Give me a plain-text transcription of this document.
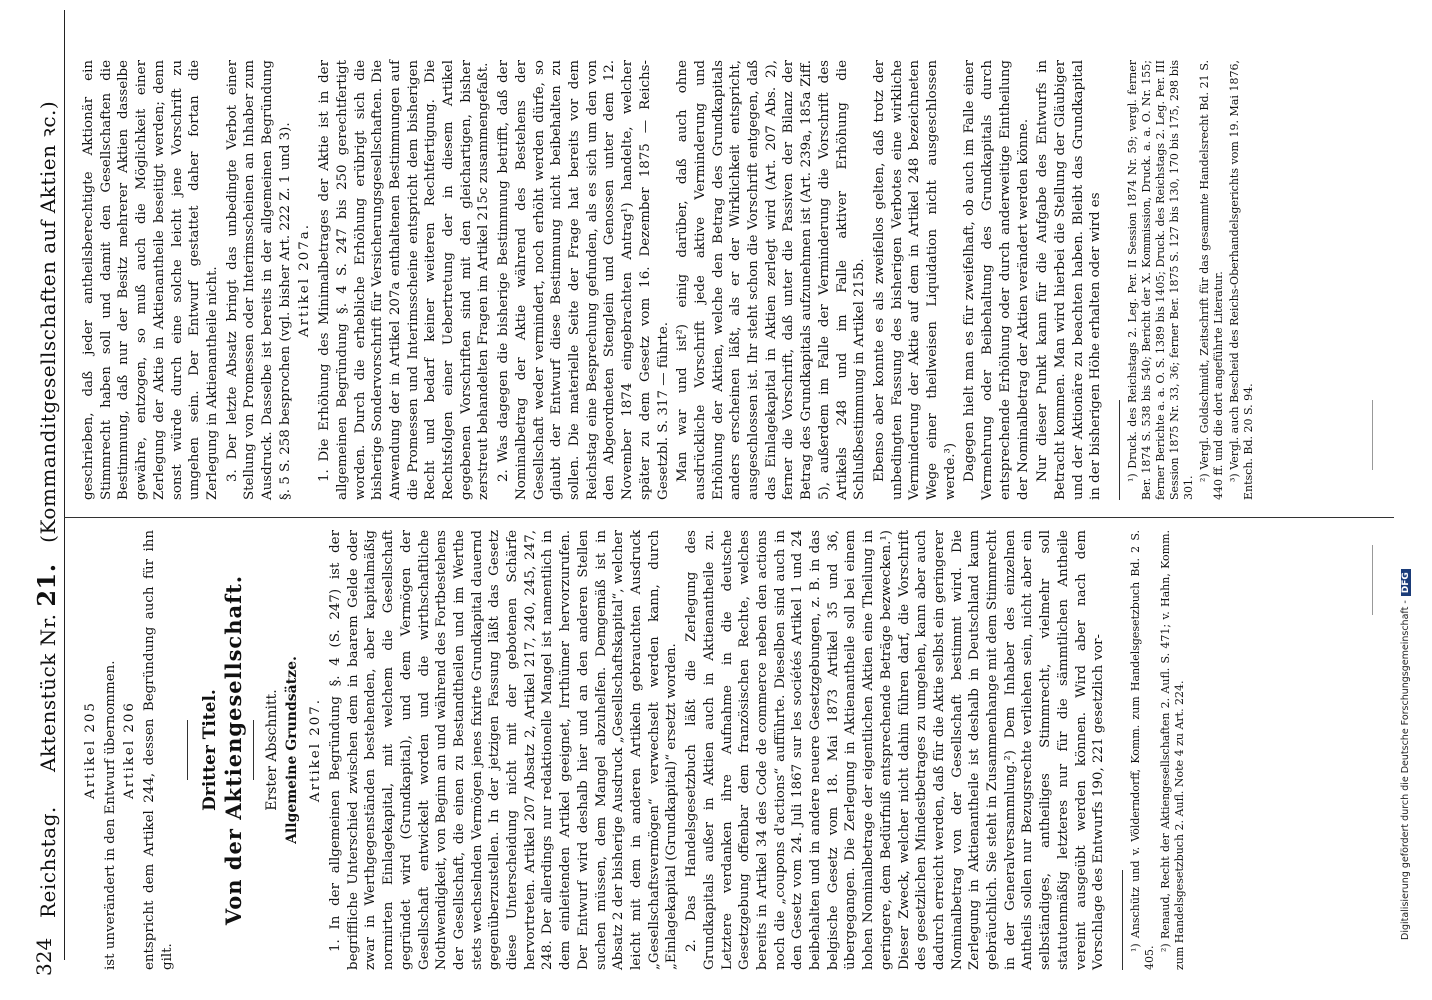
324
Reichstag.     Aktenstück Nr. 21.   (Kommanditgesellschaften auf Aktien ꝛc.)

Artikel 205 ist unverändert in den Entwurf übernommen. Artikel 206 entspricht dem Artikel 244, dessen Begründung auch für ihn gilt.

Dritter Titel. Von der Aktiengesellschaft. Erster Abschnitt. Allgemeine Grundsätze. Artikel 207. 1. In der allgemeinen Begründung §. 4 (S. 247) ist der begriffliche Unterschied zwischen dem in baarem Gelde oder zwar in Werthgegenständen bestehenden, aber kapitalmäßig normirten Einlagekapital, mit welchem die Gesellschaft gegründet wird (Grundkapital), und dem Vermögen der Gesellschaft entwickelt worden und die wirthschaftliche Nothwendigkeit, von Beginn an und während des Fortbestehens der Gesellschaft, die einen zu Bestandtheilen und im Werthe stets wechselnden Vermögen jenes fixirte Grundkapital dauernd gegenüberzustellen. In der jetzigen Fassung läßt das Gesetz diese Unterscheidung nicht mit der gebotenen Schärfe hervortreten. Artikel 207 Absatz 2, Artikel 217, 240, 245, 247, 248. Der allerdings nur redaktionelle Mangel ist namentlich in dem einleitenden Artikel geeignet, Irrthümer hervorzurufen. Der Entwurf wird deshalb hier und an den anderen Stellen suchen müssen, dem Mangel abzuhelfen. Demgemäß ist in Absatz 2 der bisherige Ausdruck „Gesellschaftskapital“, welcher leicht mit dem in anderen Artikeln gebrauchten Ausdruck „Gesellschaftsvermögen“ verwechselt werden kann, durch „Einlagekapital (Grundkapital)“ ersetzt worden. 2. Das Handelsgesetzbuch läßt die Zerlegung des Grundkapitals außer in Aktien auch in Aktienantheile zu. Letztere verdanken ihre Aufnahme in die deutsche Gesetzgebung offenbar dem französischen Rechte, welches bereits in Artikel 34 des Code de commerce neben den actions noch die „coupons d'actions“ aufführte. Dieselben sind auch in den Gesetz vom 24. Juli 1867 sur les sociétés Artikel 1 und 24 beibehalten und in andere neuere Gesetzgebungen, z. B. in das belgische Gesetz vom 18. Mai 1873 Artikel 35 und 36, übergegangen. Die Zerlegung in Aktienantheile soll bei einem hohen Nominalbetrage der eigentlichen Aktien eine Theilung in geringere, dem Bedürfniß entsprechende Beträge bezwecken.¹) Dieser Zweck, welcher nicht dahin führen darf, die Vorschrift des gesetzlichen Mindestbetrages zu umgehen, kann aber auch dadurch erreicht werden, daß für die Aktie selbst ein geringerer Nominalbetrag von der Gesellschaft bestimmt wird. Die Zerlegung in Aktienantheile ist deshalb in Deutschland kaum gebräuchlich. Sie steht in Zusammenhange mit dem Stimmrecht in der Generalversammlung.²) Dem Inhaber des einzelnen Antheils sollen nur Bezugsrechte verliehen sein, nicht aber ein selbständiges, antheiliges Stimmrecht, vielmehr soll statutenmäßig letzteres nur für die sämmtlichen Antheile vereint ausgeübt werden können. Wird aber nach dem Vorschlage des Entwurfs 190, 221 gesetzlich vor- ¹) Anschütz und v. Völderndorff, Komm. zum Handelsgesetzbuch Bd. 2 S. 405.

²) Renaud, Recht der Aktiengesellschaften 2. Aufl. S. 471; v. Hahn, Komm. zum Handelsgesetzbuch 2. Aufl. Note 4 zu Art. 224.

geschrieben, daß jeder antheilsberechtigte Aktionär ein Stimmrecht haben soll und damit den Gesellschaften die Bestimmung, daß nur der Besitz mehrerer Aktien dasselbe gewähre, entzogen, so muß auch die Möglichkeit einer Zerlegung der Aktie in Aktienantheile beseitigt werden; denn sonst würde durch eine solche leicht jene Vorschrift zu umgehen sein. Der Entwurf gestattet daher fortan die Zerlegung in Aktienantheile nicht. 3. Der letzte Absatz bringt das unbedingte Verbot einer Stellung von Promessen oder Interimsscheinen an Inhaber zum Ausdruck. Dasselbe ist bereits in der allgemeinen Begründung §. 5 S. 258 besprochen (vgl. bisher Art. 222 Z. 1 und 3). Artikel 207a. 1. Die Erhöhung des Minimalbetrages der Aktie ist in der allgemeinen Begründung §. 4 S. 247 bis 250 gerechtfertigt worden. Durch die erhebliche Erhöhung erübrigt sich die bisherige Sondervorschrift für Versicherungsgesellschaften. Die Anwendung der in Artikel 207a enthaltenen Bestimmungen auf die Promessen und Interimsscheine entspricht dem bisherigen Recht und bedarf keiner weiteren Rechtfertigung. Die Rechtsfolgen einer Uebertretung der in diesem Artikel gegebenen Vorschriften sind mit den gleichartigen, bisher zerstreut behandelten Fragen im Artikel 215c zusammengefaßt. 2. Was dagegen die bisherige Bestimmung betrifft, daß der Nominalbetrag der Aktie während des Bestehens der Gesellschaft weder vermindert, noch erhöht werden dürfe, so glaubt der Entwurf diese Bestimmung nicht beibehalten zu sollen. Die materielle Seite der Frage hat bereits vor dem Reichstag eine Besprechung gefunden, als es sich um den von den Abgeordneten Stenglein und Genossen unter dem 12. November 1874 eingebrachten Antrag¹) handelte, welcher später zu dem Gesetz vom 16. Dezember 1875 — Reichs-Gesetzbl. S. 317 — führte. Man war und ist²) einig darüber, daß auch ohne ausdrückliche Vorschrift jede aktive Verminderung und Erhöhung der Aktien, welche den Betrag des Grundkapitals anders erscheinen läßt, als er der Wirklichkeit entspricht, ausgeschlossen ist. Ihr steht schon die Vorschrift entgegen, daß das Einlagekapital in Aktien zerlegt wird (Art. 207 Abs. 2), ferner die Vorschrift, daß unter die Passiven der Bilanz der Betrag des Grundkapitals aufzunehmen ist (Art. 239a, 185a Ziff. 5), außerdem im Falle der Verminderung die Vorschrift des Artikels 248 und im Falle aktiver Erhöhung die Schlußbestimmung in Artikel 215b. Ebenso aber konnte es als zweifellos gelten, daß trotz der unbedingten Fassung des bisherigen Verbotes eine wirkliche Verminderung der Aktie auf dem in Artikel 248 bezeichneten Wege einer theilweisen Liquidation nicht ausgeschlossen werde.³) Dagegen hielt man es für zweifelhaft, ob auch im Falle einer Vermehrung oder Beibehaltung des Grundkapitals durch entsprechende Erhöhung oder durch anderweitige Eintheilung der Nominalbetrag der Aktien verändert werden könne. Nur dieser Punkt kann für die Aufgabe des Entwurfs in Betracht kommen. Man wird hierbei die Stellung der Gläubiger und der Aktionäre zu beachten haben. Bleibt das Grundkapital in der bisherigen Höhe erhalten oder wird es ¹) Druck. des Reichstags 2. Leg. Per. II Session 1874 Nr. 59; vergl. ferner Ber. 1874 S. 538 bis 540; Bericht der X. Kommission, Druck. a. a. O. Nr. 155; ferner Berichte a. a. O. S. 1389 bis 1405; Druck. des Reichstags 2. Leg. Per. III Session 1875 Nr. 33, 36; ferner Ber. 1875 S. 127 bis 130, 170 bis 175, 298 bis 301.

²) Vergl. Goldschmidt, Zeitschrift für das gesammte Handelsrecht Bd. 21 S. 440 ff. und die dort angeführte Literatur. ³) Vergl. auch Bescheid des Reichs-Oberhandelsgerichts vom 19. Mai 1876, Entsch. Bd. 20 S. 94.

Digitalisierung gefördert durch die Deutsche Forschungsgemeinschaft -DFG
